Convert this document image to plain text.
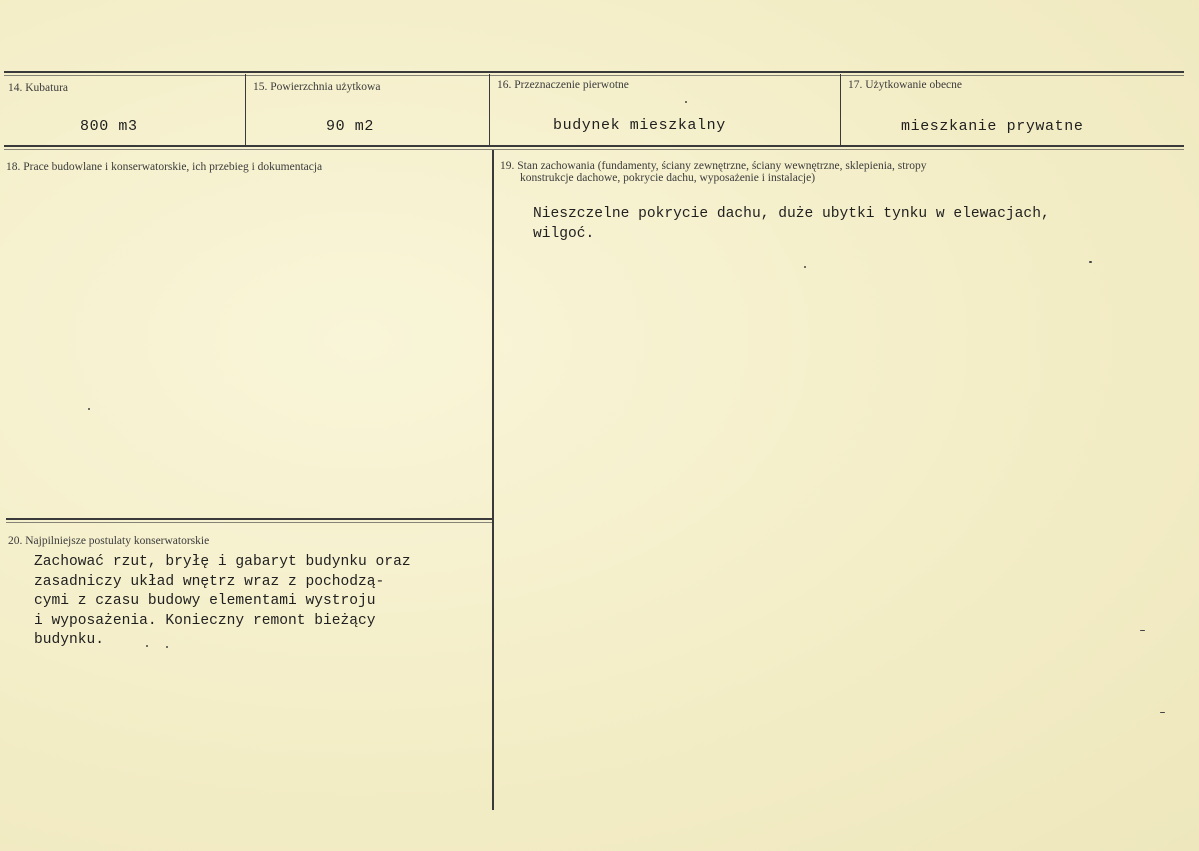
14. Kubatura
800 m3
15. Powierzchnia użytkowa
90 m2
16. Przeznaczenie pierwotne
budynek mieszkalny
17. Użytkowanie obecne
mieszkanie prywatne
18. Prace budowlane i konserwatorskie, ich przebieg i dokumentacja	19. Stan zachowania (fundamenty, ściany zewnętrzne, ściany wewnętrzne, sklepienia, stropy
konstrukcje dachowe, pokrycie dachu, wyposażenie i instalacje)
Nieszczelne pokrycie dachu, duże ubytki tynku w elewacjach,
wilgoć.
20. Najpilniejsze postulaty konserwatorskie
Zachować rzut, bryłę i gabaryt budynku oraz
zasadniczy układ wnętrz wraz z pochodzą-
cymi z czasu budowy elementami wystroju
i wyposażenia. Konieczny remont bieżący
budynku.
